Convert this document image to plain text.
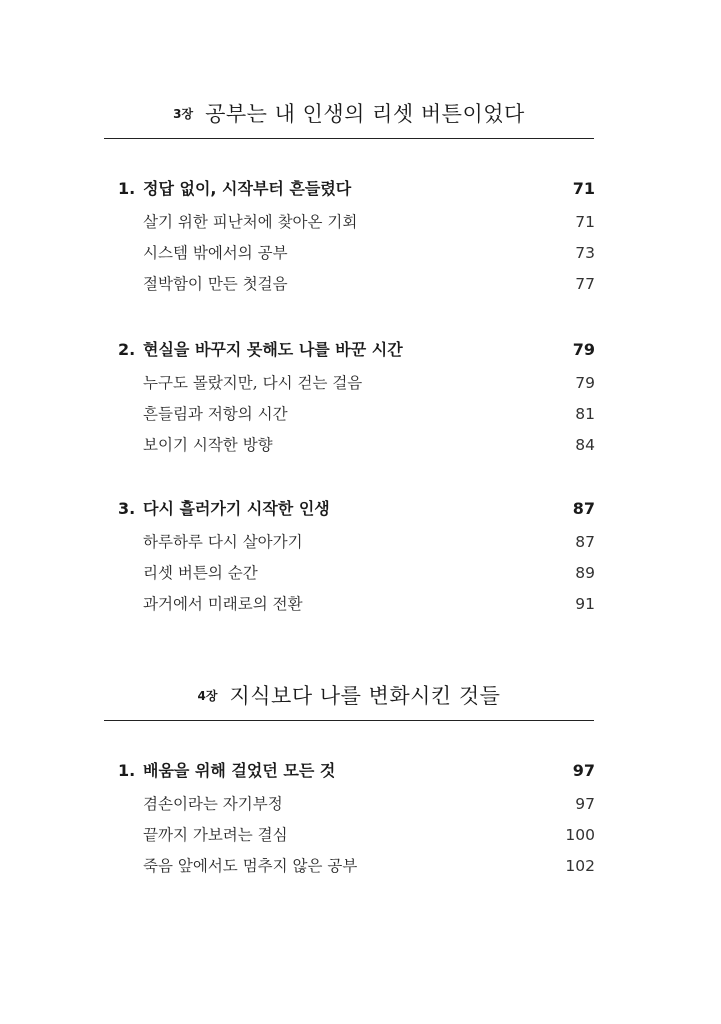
3장 공부는 내 인생의 리셋 버튼이었다
1. 정답 없이, 시작부터 흔들렸다	71
살기 위한 피난처에 찾아온 기회	71
시스템 밖에서의 공부	73
절박함이 만든 첫걸음	77
2. 현실을 바꾸지 못해도 나를 바꾼 시간	79
누구도 몰랐지만, 다시 걷는 걸음	79
흔들림과 저항의 시간	81
보이기 시작한 방향	84
3. 다시 흘러가기 시작한 인생	87
하루하루 다시 살아가기	87
리셋 버튼의 순간	89
과거에서 미래로의 전환	91
4장 지식보다 나를 변화시킨 것들
1. 배움을 위해 걸었던 모든 것	97
겸손이라는 자기부정	97
끝까지 가보려는 결심	100
죽음 앞에서도 멈추지 않은 공부	102
